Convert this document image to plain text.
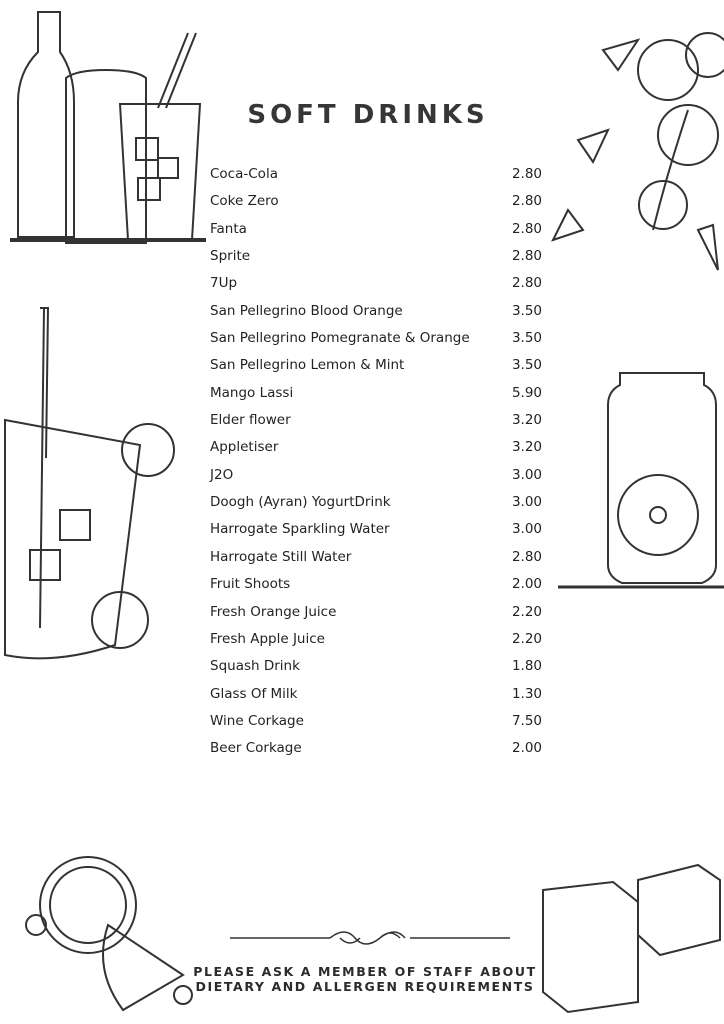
SOFT DRINKS
Coca-Cola	2.80
Coke Zero	2.80
Fanta	2.80
Sprite	2.80
7Up	2.80
San Pellegrino Blood Orange	3.50
San Pellegrino Pomegranate & Orange	3.50
San Pellegrino Lemon & Mint	3.50
Mango Lassi	5.90
Elder flower	3.20
Appletiser	3.20
J2O	3.00
Doogh (Ayran) YogurtDrink	3.00
Harrogate Sparkling Water	3.00
Harrogate Still Water	2.80
Fruit Shoots	2.00
Fresh Orange Juice	2.20
Fresh Apple Juice	2.20
Squash Drink	1.80
Glass Of Milk	1.30
Wine Corkage	7.50
Beer Corkage	2.00
PLEASE ASK A MEMBER OF STAFF ABOUT
DIETARY AND ALLERGEN REQUIREMENTS
